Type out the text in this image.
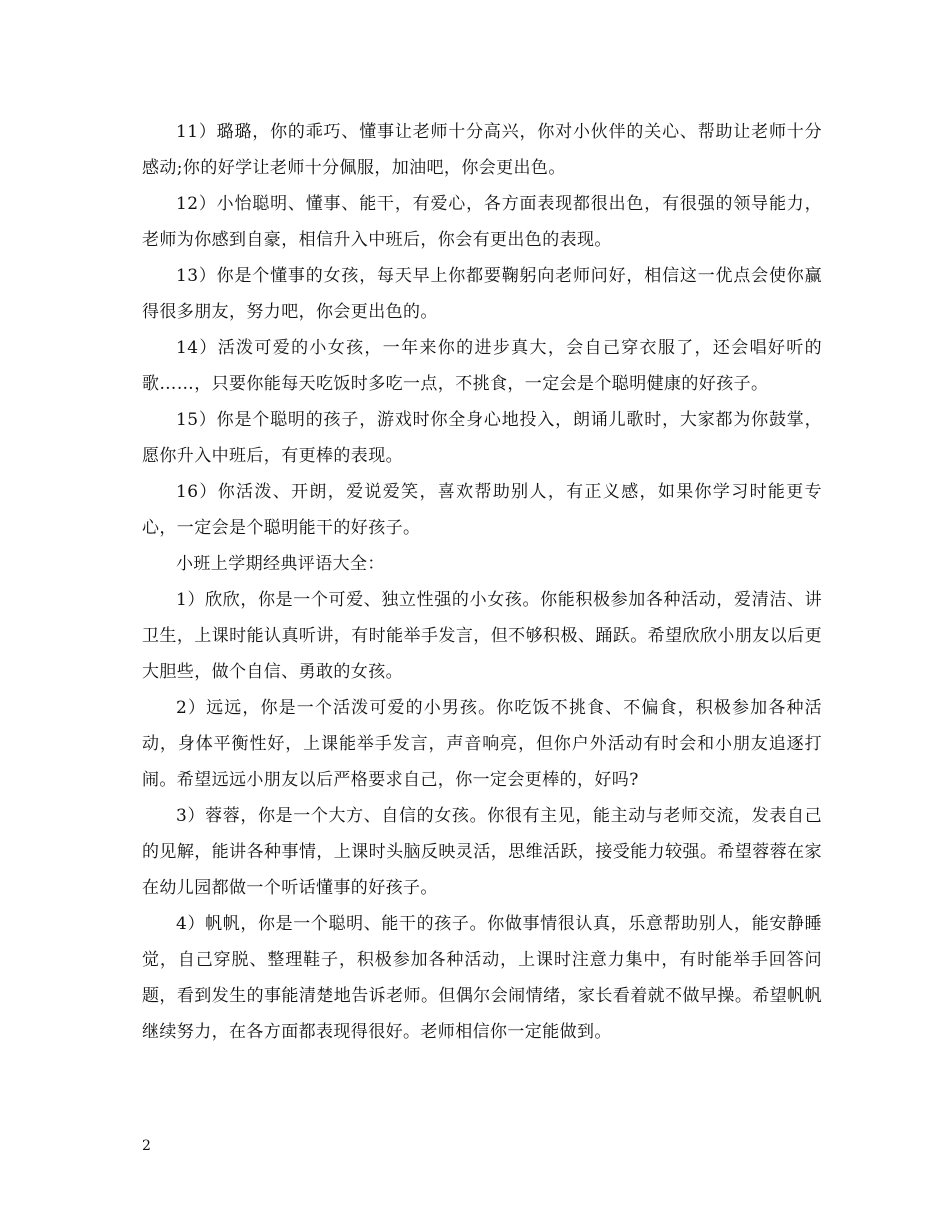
11）璐璐，你的乖巧、懂事让老师十分高兴，你对小伙伴的关心、帮助让老师十分感动;你的好学让老师十分佩服，加油吧，你会更出色。

12）小怡聪明、懂事、能干，有爱心，各方面表现都很出色，有很强的领导能力，老师为你感到自豪，相信升入中班后，你会有更出色的表现。

13）你是个懂事的女孩，每天早上你都要鞠躬向老师问好，相信这一优点会使你赢得很多朋友，努力吧，你会更出色的。

14）活泼可爱的小女孩，一年来你的进步真大，会自己穿衣服了，还会唱好听的歌……，只要你能每天吃饭时多吃一点，不挑食，一定会是个聪明健康的好孩子。

15）你是个聪明的孩子，游戏时你全身心地投入，朗诵儿歌时，大家都为你鼓掌，愿你升入中班后，有更棒的表现。

16）你活泼、开朗，爱说爱笑，喜欢帮助别人，有正义感，如果你学习时能更专心，一定会是个聪明能干的好孩子。

小班上学期经典评语大全：

1）欣欣，你是一个可爱、独立性强的小女孩。你能积极参加各种活动，爱清洁、讲卫生，上课时能认真听讲，有时能举手发言，但不够积极、踊跃。希望欣欣小朋友以后更大胆些，做个自信、勇敢的女孩。

2）远远，你是一个活泼可爱的小男孩。你吃饭不挑食、不偏食，积极参加各种活动，身体平衡性好，上课能举手发言，声音响亮，但你户外活动有时会和小朋友追逐打闹。希望远远小朋友以后严格要求自己，你一定会更棒的，好吗?

3）蓉蓉，你是一个大方、自信的女孩。你很有主见，能主动与老师交流，发表自己的见解，能讲各种事情，上课时头脑反映灵活，思维活跃，接受能力较强。希望蓉蓉在家在幼儿园都做一个听话懂事的好孩子。

4）帆帆，你是一个聪明、能干的孩子。你做事情很认真，乐意帮助别人，能安静睡觉，自己穿脱、整理鞋子，积极参加各种活动，上课时注意力集中，有时能举手回答问题，看到发生的事能清楚地告诉老师。但偶尔会闹情绪，家长看着就不做早操。希望帆帆继续努力，在各方面都表现得很好。老师相信你一定能做到。

2
